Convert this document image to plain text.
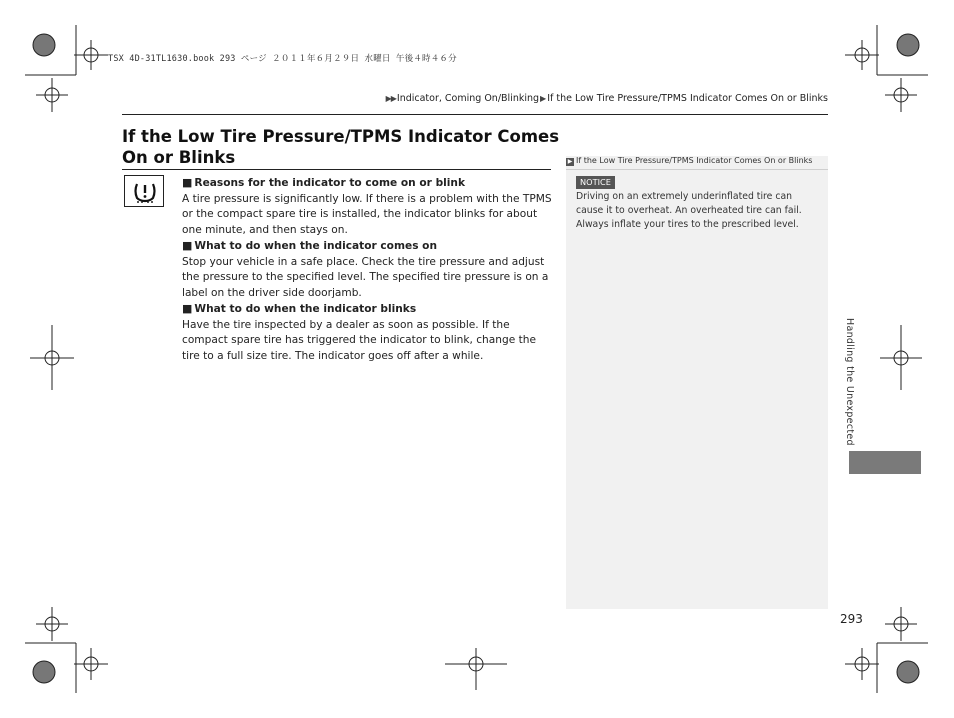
TSX 4D-31TL1630.book 293 ページ ２０１１年６月２９日 水曜日 午後４時４６分
▶▶Indicator, Coming On/Blinking▶If the Low Tire Pressure/TPMS Indicator Comes On or Blinks
If the Low Tire Pressure/TPMS Indicator Comes On or Blinks

■ Reasons for the indicator to come on or blink

A tire pressure is significantly low. If there is a problem with the TPMS or the compact spare tire is installed, the indicator blinks for about one minute, and then stays on.

■ What to do when the indicator comes on

Stop your vehicle in a safe place. Check the tire pressure and adjust the pressure to the specified level. The specified tire pressure is on a label on the driver side doorjamb.

■ What to do when the indicator blinks

Have the tire inspected by a dealer as soon as possible. If the compact spare tire has triggered the indicator to blink, change the tire to a full size tire. The indicator goes off after a while.

▶ If the Low Tire Pressure/TPMS Indicator Comes On or Blinks
NOTICE
Driving on an extremely underinflated tire can cause it to overheat. An overheated tire can fail. Always inflate your tires to the prescribed level.
Handling the Unexpected
293
